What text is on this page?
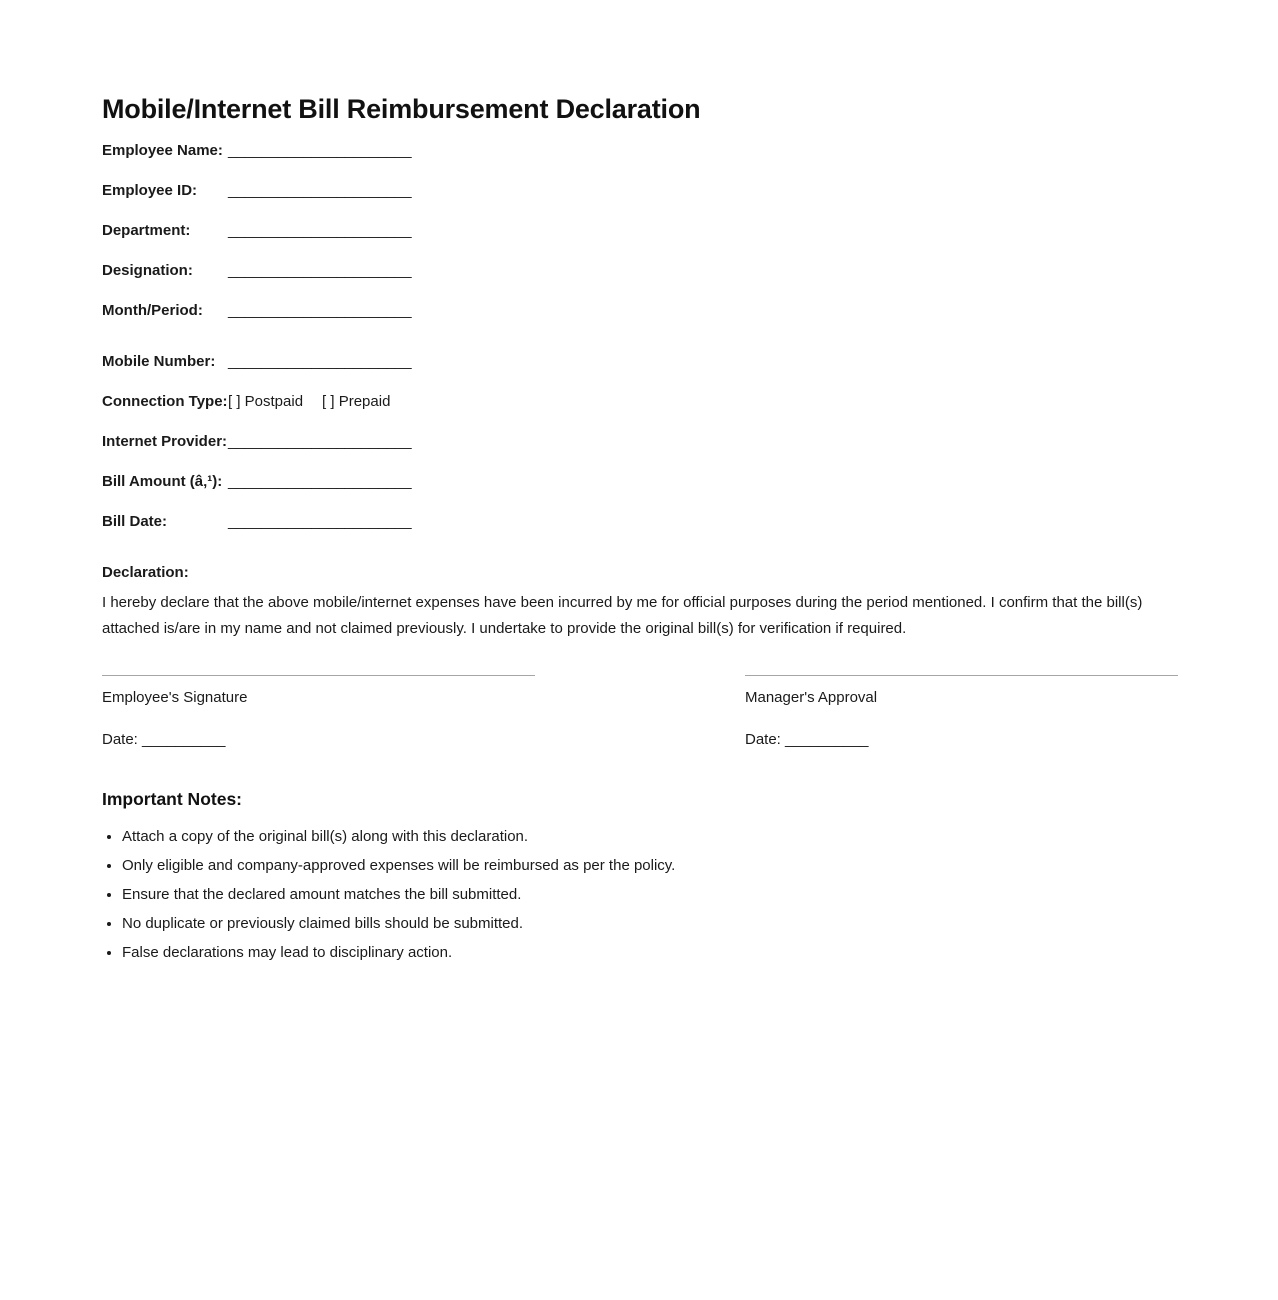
Mobile/Internet Bill Reimbursement Declaration
Employee Name: ______________________
Employee ID: ______________________
Department:	______________________
Designation: ______________________
Month/Period: ______________________
Mobile Number: ______________________
Connection Type:[ ] Postpaid [ ] Prepaid
Internet Provider:______________________
Bill Amount (â‚¹): ______________________
Bill Date:	______________________

Declaration:

I hereby declare that the above mobile/internet expenses have been incurred by me for official purposes during the period mentioned. I confirm that the bill(s) attached is/are in my name and not claimed previously. I undertake to provide the original bill(s) for verification if required.

Employee's Signature
Date: __________
Manager's Approval
Date: __________
Important Notes:
• Attach a copy of the original bill(s) along with this declaration.
• Only eligible and company-approved expenses will be reimbursed as per the policy.
• Ensure that the declared amount matches the bill submitted.
• No duplicate or previously claimed bills should be submitted.
• False declarations may lead to disciplinary action.
